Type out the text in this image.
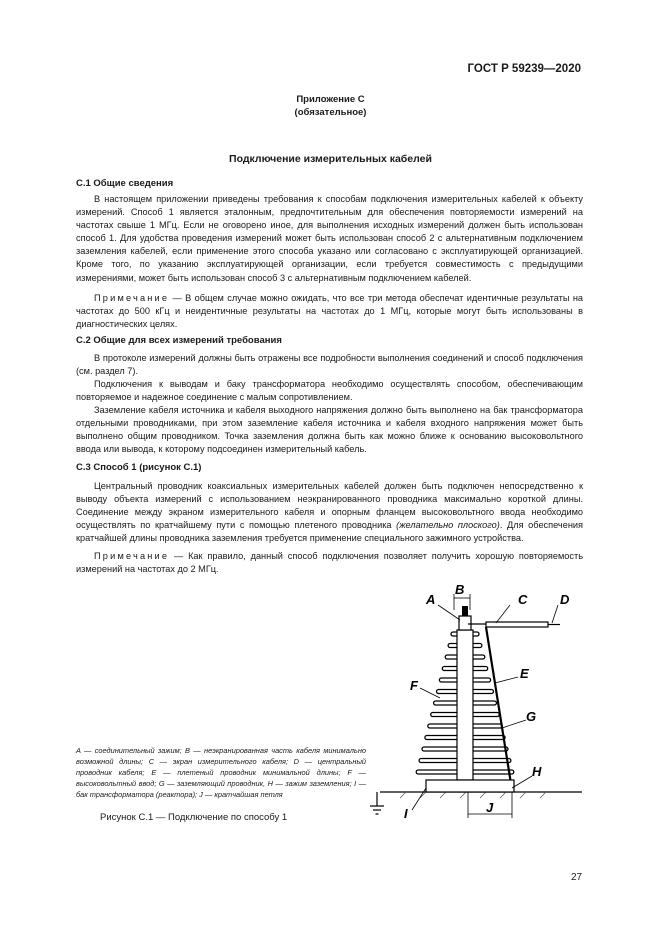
ГОСТ Р 59239—2020
Приложение С
(обязательное)
Подключение измерительных кабелей
С.1 Общие сведения
В настоящем приложении приведены требования к способам подключения измерительных кабелей к объекту измерений. Способ 1 является эталонным, предпочтительным для обеспечения повторяемости измерений на частотах свыше 1 МГц. Если не оговорено иное, для выполнения исходных измерений должен быть использован способ 1. Для удобства проведения измерений может быть использован способ 2 с альтернативным подключением заземления кабелей, если применение этого способа указано или согласовано с эксплуатирующей организацией. Кроме того, по указанию эксплуатирующей организации, если требуется совместимость с предыдущими измерениями, может быть использован способ 3 с альтернативным подключением кабелей.
Примечание — В общем случае можно ожидать, что все три метода обеспечат идентичные результаты на частотах до 500 кГц и неидентичные результаты на частотах до 1 МГц, которые могут быть использованы в диагностических целях.
С.2 Общие для всех измерений требования
В протоколе измерений должны быть отражены все подробности выполнения соединений и способ подключения (см. раздел 7).
Подключения к выводам и баку трансформатора необходимо осуществлять способом, обеспечивающим повторяемое и надежное соединение с малым сопротивлением.
Заземление кабеля источника и кабеля выходного напряжения должно быть выполнено на бак трансформатора отдельными проводниками, при этом заземление кабеля источника и кабеля входного напряжения может быть выполнено общим проводником. Точка заземления должна быть как можно ближе к основанию высоковольтного ввода или вывода, к которому подсоединен измерительный кабель.
С.3 Способ 1 (рисунок С.1)
Центральный проводник коаксиальных измерительных кабелей должен быть подключен непосредственно к выводу объекта измерений с использованием неэкранированного проводника максимально короткой длины. Соединение между экраном измерительного кабеля и опорным фланцем высоковольтного ввода необходимо осуществлять по кратчайшему пути с помощью плетеного проводника (желательно плоского). Для обеспечения кратчайшей длины проводника заземления требуется применение специального зажимного устройства.
Примечание — Как правило, данный способ подключения позволяет получить хорошую повторяемость измерений на частотах до 2 МГц.
A
B
C	D
E
F
G
H
I	J
A — соединительный зажим; B — неэкранированная часть кабеля минимально возможной длины; C — экран измерительного кабеля; D — центральный проводник кабеля; E — плетеный проводник минимальной длины; F — высоковольтный ввод; G — заземляющий проводник, H — зажим заземления; I — бак трансформатора (реактора); J — кратчайшая петля
Рисунок С.1 — Подключение по способу 1
27
